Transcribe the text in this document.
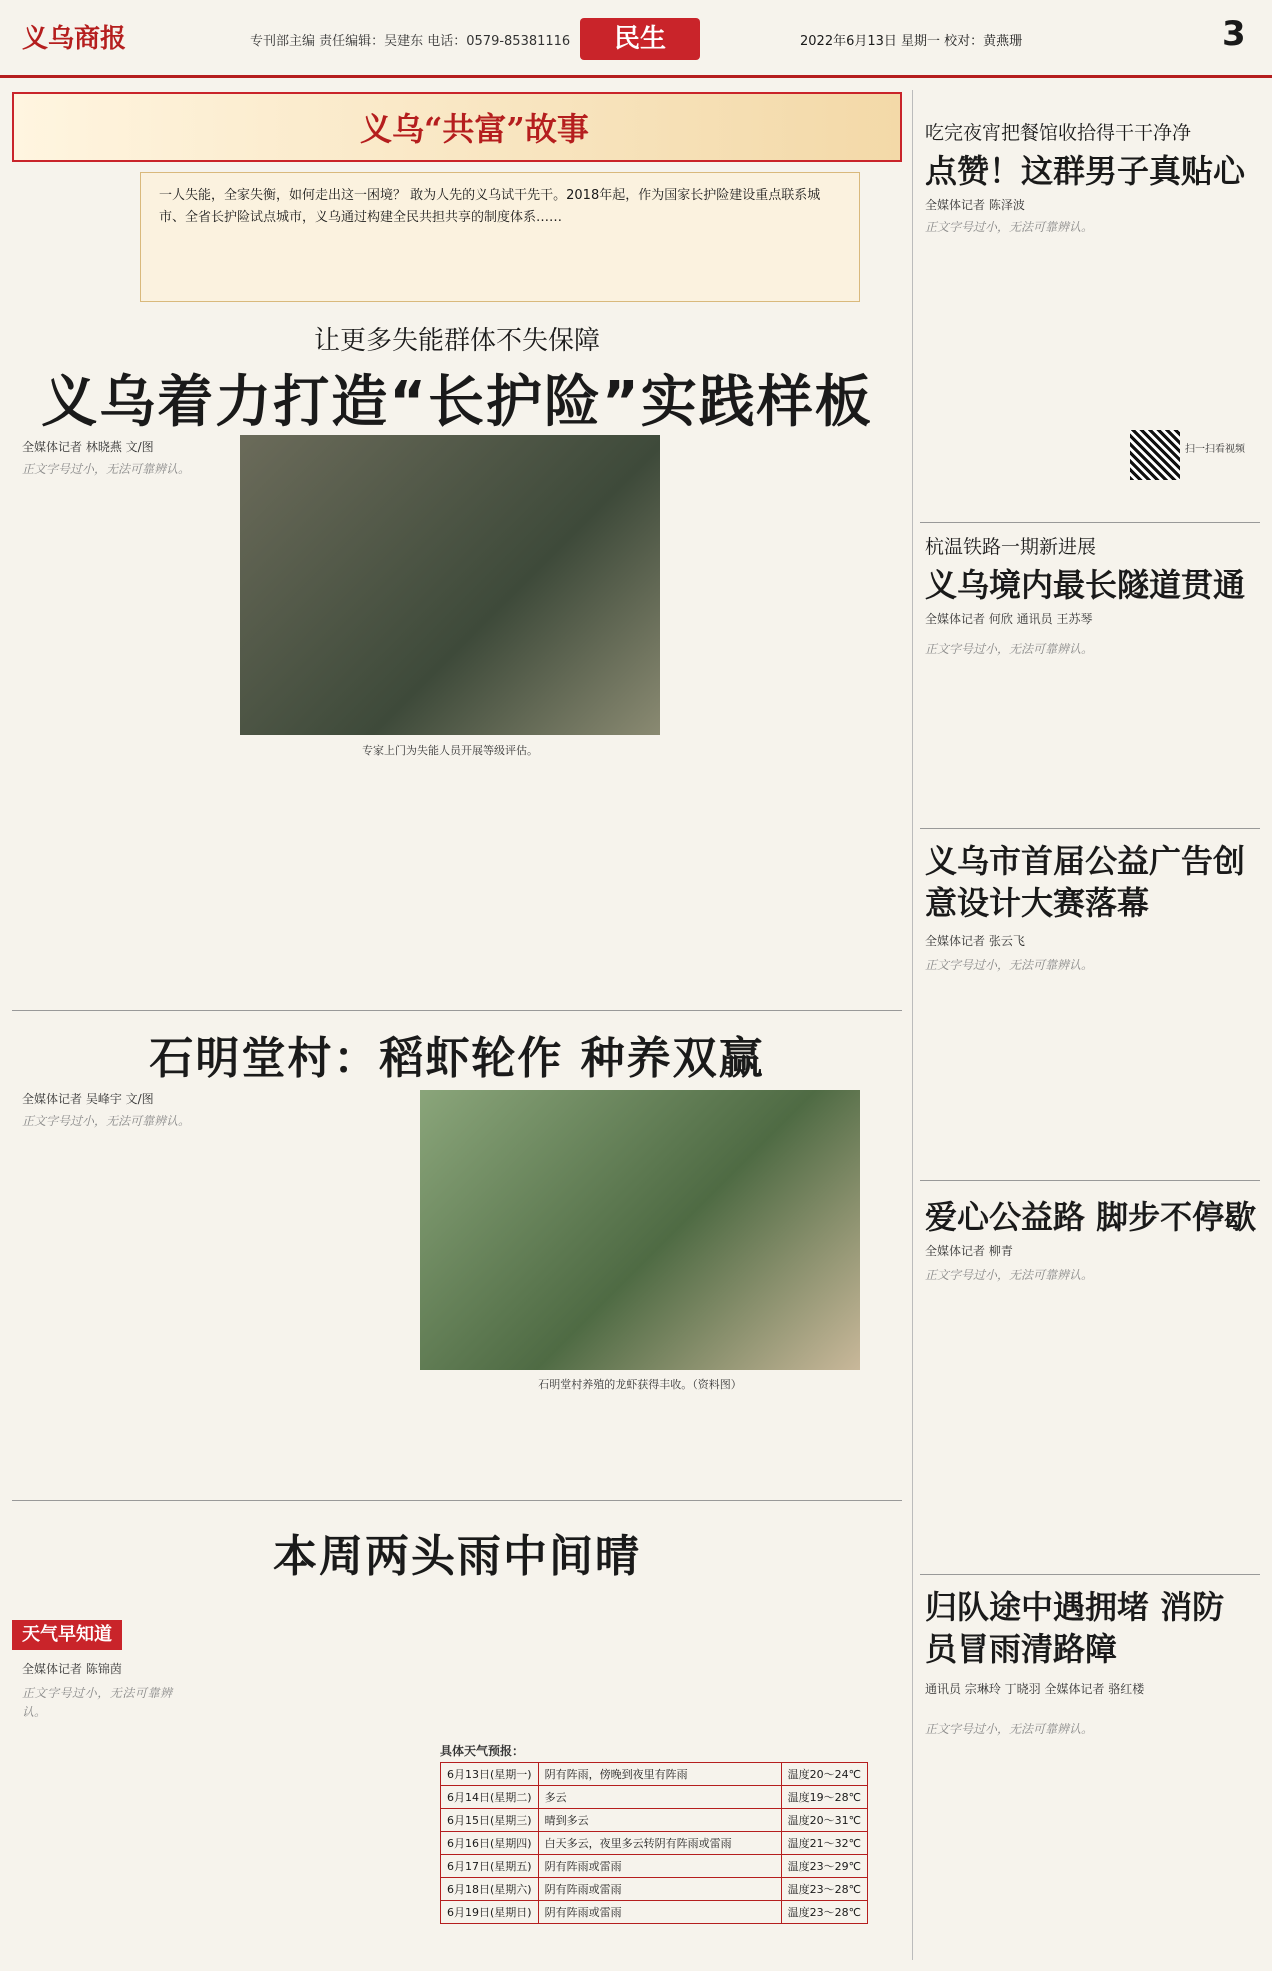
义乌商报	专刊部主编 责任编辑：吴建东 电话：0579-85381116	民生	2022年6月13日 星期一 校对：黄燕珊	3
义乌“共富”故事
一人失能，全家失衡，如何走出这一困境？ 敢为人先的义乌试干先干。2018年起，作为国家长护险建设重点联系城市、全省长护险试点城市，义乌通过构建全民共担共享的制度体系……
让更多失能群体不失保障
义乌着力打造“长护险”实践样板
全媒体记者 林晓燕 文/图
专家上门为失能人员开展等级评估。
正文字号过小，无法可靠辨认。
石明堂村：稻虾轮作 种养双赢
全媒体记者 吴峰宇 文/图
石明堂村养殖的龙虾获得丰收。（资料图）
正文字号过小，无法可靠辨认。
本周两头雨中间晴
天气早知道
全媒体记者 陈锦茵
正文字号过小，无法可靠辨认。
具体天气预报：
6月13日(星期一)	阴有阵雨，傍晚到夜里有阵雨	温度20～24℃
6月14日(星期二)	多云	温度19～28℃
6月15日(星期三)	晴到多云	温度20～31℃
6月16日(星期四)	白天多云，夜里多云转阴有阵雨或雷雨	温度21～32℃
6月17日(星期五)	阴有阵雨或雷雨	温度23～29℃
6月18日(星期六)	阴有阵雨或雷雨	温度23～28℃
6月19日(星期日)	阴有阵雨或雷雨	温度23～28℃
吃完夜宵把餐馆收拾得干干净净
点赞！这群男子真贴心
全媒体记者 陈泽波
正文字号过小，无法可靠辨认。
扫一扫看视频
杭温铁路一期新进展
义乌境内最长隧道贯通
全媒体记者 何欣 通讯员 王苏琴
正文字号过小，无法可靠辨认。
义乌市首届公益广告创意设计大赛落幕
全媒体记者 张云飞
正文字号过小，无法可靠辨认。
爱心公益路 脚步不停歇
全媒体记者 柳青
正文字号过小，无法可靠辨认。
归队途中遇拥堵 消防员冒雨清路障
通讯员 宗琳玲 丁晓羽 全媒体记者 骆红楼
正文字号过小，无法可靠辨认。
